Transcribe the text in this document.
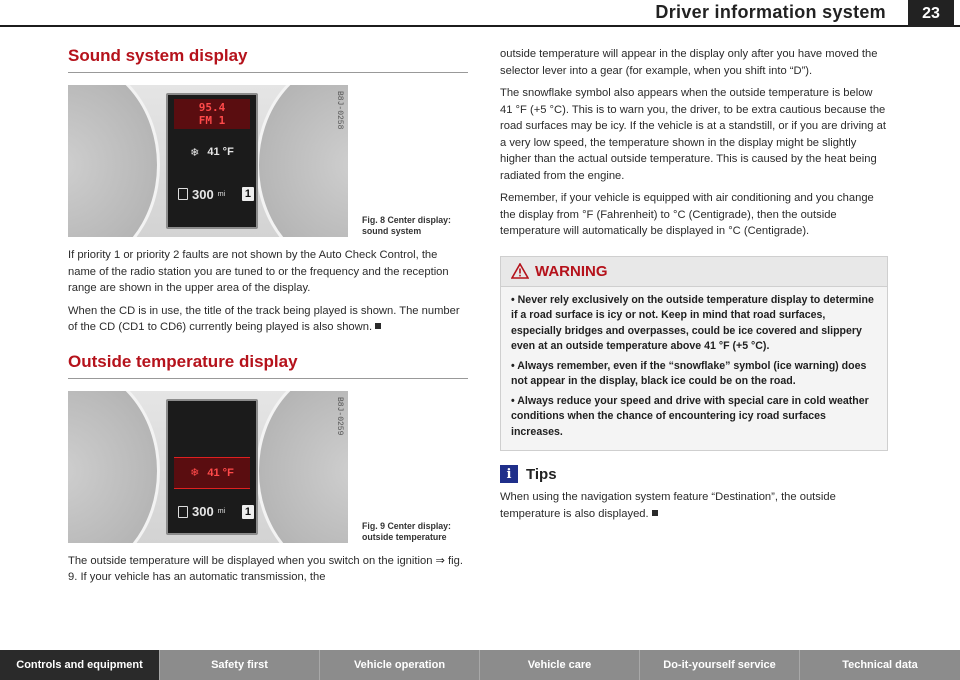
Driver information system	23
Sound system display
B8J-0258
95.4
FM 1
❄ 41 °F
300 mi 1
Fig. 8 Center display: sound system

If priority 1 or priority 2 faults are not shown by the Auto Check Control, the name of the radio station you are tuned to or the frequency and the reception range are shown in the upper area of the display.

When the CD is in use, the title of the track being played is shown. The number of the CD (CD1 to CD6) currently being played is also shown.

Outside temperature display
B8J-0259
❄ 41 °F
300 mi 1
Fig. 9 Center display: outside temperature

The outside temperature will be displayed when you switch on the ignition ⇒ fig. 9. If your vehicle has an automatic transmission, the

outside temperature will appear in the display only after you have moved the selector lever into a gear (for example, when you shift into “D”).

The snowflake symbol also appears when the outside temperature is below 41 °F (+5 °C). This is to warn you, the driver, to be extra cautious because the road surfaces may be icy. If the vehicle is at a standstill, or if you are driving at a very low speed, the temperature shown in the display might be slightly higher than the actual outside temperature. This is caused by the heat being radiated from the engine.

Remember, if your vehicle is equipped with air conditioning and you change the display from °F (Fahrenheit) to °C (Centigrade), then the outside temperature will automatically be displayed in °C (Centigrade).

WARNING

• Never rely exclusively on the outside temperature display to determine if a road surface is icy or not. Keep in mind that road surfaces, especially bridges and overpasses, could be ice covered and slippery even at an outside temperature above 41 °F (+5 °C).

• Always remember, even if the “snowflake” symbol (ice warning) does not appear in the display, black ice could be on the road.

• Always reduce your speed and drive with special care in cold weather conditions when the chance of encountering icy road surfaces increases.

i Tips

When using the navigation system feature “Destination”, the outside temperature is also displayed.

Controls and equipment	Safety first	Vehicle operation	Vehicle care	Do-it-yourself service	Technical data
